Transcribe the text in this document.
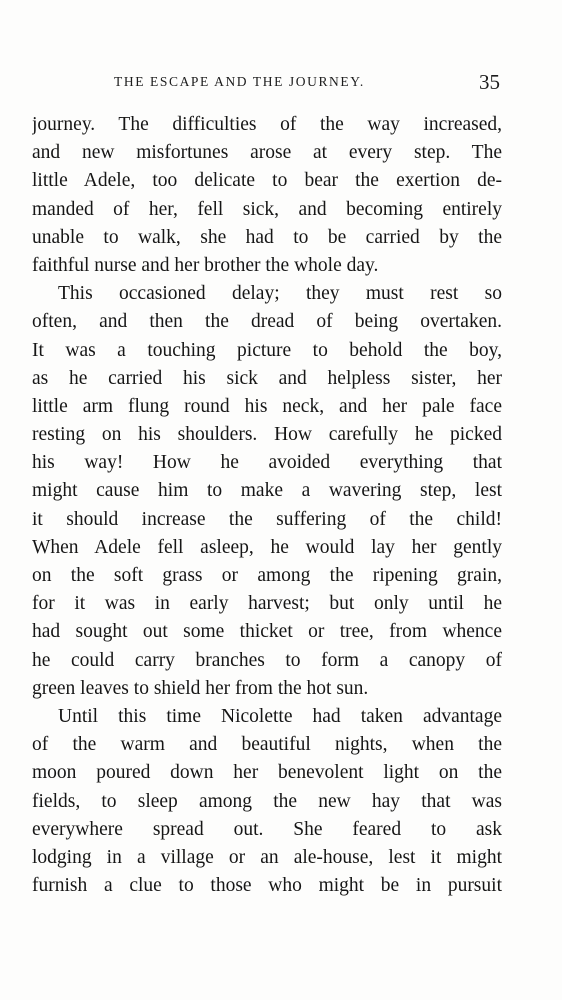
THE ESCAPE AND THE JOURNEY.	35
journey. The difficulties of the way increased,
and new misfortunes arose at every step. The
little Adele, too delicate to bear the exertion de-
manded of her, fell sick, and becoming entirely
unable to walk, she had to be carried by the
faithful nurse and her brother the whole day.
This occasioned delay; they must rest so
often, and then the dread of being overtaken.
It was a touching picture to behold the boy,
as he carried his sick and helpless sister, her
little arm flung round his neck, and her pale face
resting on his shoulders. How carefully he picked
his way! How he avoided everything that
might cause him to make a wavering step, lest
it should increase the suffering of the child!
When Adele fell asleep, he would lay her gently
on the soft grass or among the ripening grain,
for it was in early harvest; but only until he
had sought out some thicket or tree, from whence
he could carry branches to form a canopy of
green leaves to shield her from the hot sun.
Until this time Nicolette had taken advantage
of the warm and beautiful nights, when the
moon poured down her benevolent light on the
fields, to sleep among the new hay that was
everywhere spread out. She feared to ask
lodging in a village or an ale-house, lest it might
furnish a clue to those who might be in pursuit
